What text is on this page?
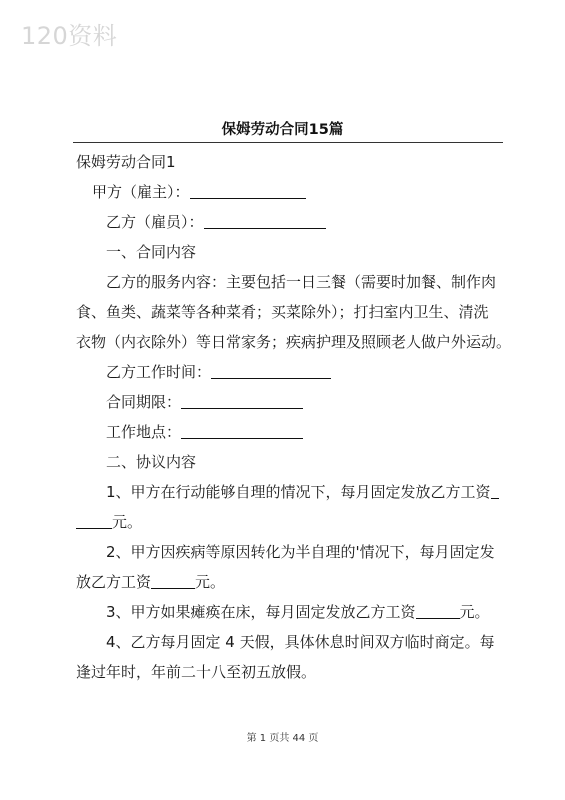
120资料
保姆劳动合同15篇
保姆劳动合同1
甲方（雇主）：
乙方（雇员）：
一、合同内容
乙方的服务内容：主要包括一日三餐（需要时加餐、制作肉
食、鱼类、蔬菜等各种菜肴；买菜除外）；打扫室内卫生、清洗
衣物（内衣除外）等日常家务；疾病护理及照顾老人做户外运动。
乙方工作时间：
合同期限：
工作地点：
二、协议内容
1、甲方在行动能够自理的情况下，每月固定发放乙方工资
元。
2、甲方因疾病等原因转化为半自理的'情况下，每月固定发
放乙方工资	元。
3、甲方如果瘫痪在床，每月固定发放乙方工资	元。
4、乙方每月固定 4 天假，具体休息时间双方临时商定。每
逢过年时，年前二十八至初五放假。
第 1 页共 44 页
